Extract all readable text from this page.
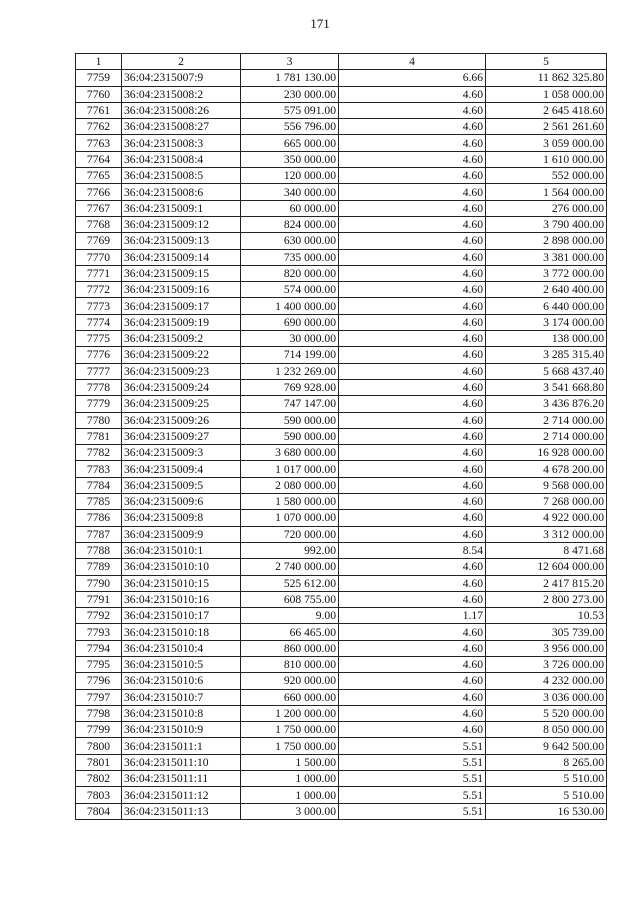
171
1	2	3	4	5
7759	36:04:2315007:9	1 781 130.00	6.66	11 862 325.80
7760	36:04:2315008:2	230 000.00	4.60	1 058 000.00
7761	36:04:2315008:26	575 091.00	4.60	2 645 418.60
7762	36:04:2315008:27	556 796.00	4.60	2 561 261.60
7763	36:04:2315008:3	665 000.00	4.60	3 059 000.00
7764	36:04:2315008:4	350 000.00	4.60	1 610 000.00
7765	36:04:2315008:5	120 000.00	4.60	552 000.00
7766	36:04:2315008:6	340 000.00	4.60	1 564 000.00
7767	36:04:2315009:1	60 000.00	4.60	276 000.00
7768	36:04:2315009:12	824 000.00	4.60	3 790 400.00
7769	36:04:2315009:13	630 000.00	4.60	2 898 000.00
7770	36:04:2315009:14	735 000.00	4.60	3 381 000.00
7771	36:04:2315009:15	820 000.00	4.60	3 772 000.00
7772	36:04:2315009:16	574 000.00	4.60	2 640 400.00
7773	36:04:2315009:17	1 400 000.00	4.60	6 440 000.00
7774	36:04:2315009:19	690 000.00	4.60	3 174 000.00
7775	36:04:2315009:2	30 000.00	4.60	138 000.00
7776	36:04:2315009:22	714 199.00	4.60	3 285 315.40
7777	36:04:2315009:23	1 232 269.00	4.60	5 668 437.40
7778	36:04:2315009:24	769 928.00	4.60	3 541 668.80
7779	36:04:2315009:25	747 147.00	4.60	3 436 876.20
7780	36:04:2315009:26	590 000.00	4.60	2 714 000.00
7781	36:04:2315009:27	590 000.00	4.60	2 714 000.00
7782	36:04:2315009:3	3 680 000.00	4.60	16 928 000.00
7783	36:04:2315009:4	1 017 000.00	4.60	4 678 200.00
7784	36:04:2315009:5	2 080 000.00	4.60	9 568 000.00
7785	36:04:2315009:6	1 580 000.00	4.60	7 268 000.00
7786	36:04:2315009:8	1 070 000.00	4.60	4 922 000.00
7787	36:04:2315009:9	720 000.00	4.60	3 312 000.00
7788	36:04:2315010:1	992.00	8.54	8 471.68
7789	36:04:2315010:10	2 740 000.00	4.60	12 604 000.00
7790	36:04:2315010:15	525 612.00	4.60	2 417 815.20
7791	36:04:2315010:16	608 755.00	4.60	2 800 273.00
7792	36:04:2315010:17	9.00	1.17	10.53
7793	36:04:2315010:18	66 465.00	4.60	305 739.00
7794	36:04:2315010:4	860 000.00	4.60	3 956 000.00
7795	36:04:2315010:5	810 000.00	4.60	3 726 000.00
7796	36:04:2315010:6	920 000.00	4.60	4 232 000.00
7797	36:04:2315010:7	660 000.00	4.60	3 036 000.00
7798	36:04:2315010:8	1 200 000.00	4.60	5 520 000.00
7799	36:04:2315010:9	1 750 000.00	4.60	8 050 000.00
7800	36:04:2315011:1	1 750 000.00	5.51	9 642 500.00
7801	36:04:2315011:10	1 500.00	5.51	8 265.00
7802	36:04:2315011:11	1 000.00	5.51	5 510.00
7803	36:04:2315011:12	1 000.00	5.51	5 510.00
7804	36:04:2315011:13	3 000.00	5.51	16 530.00
